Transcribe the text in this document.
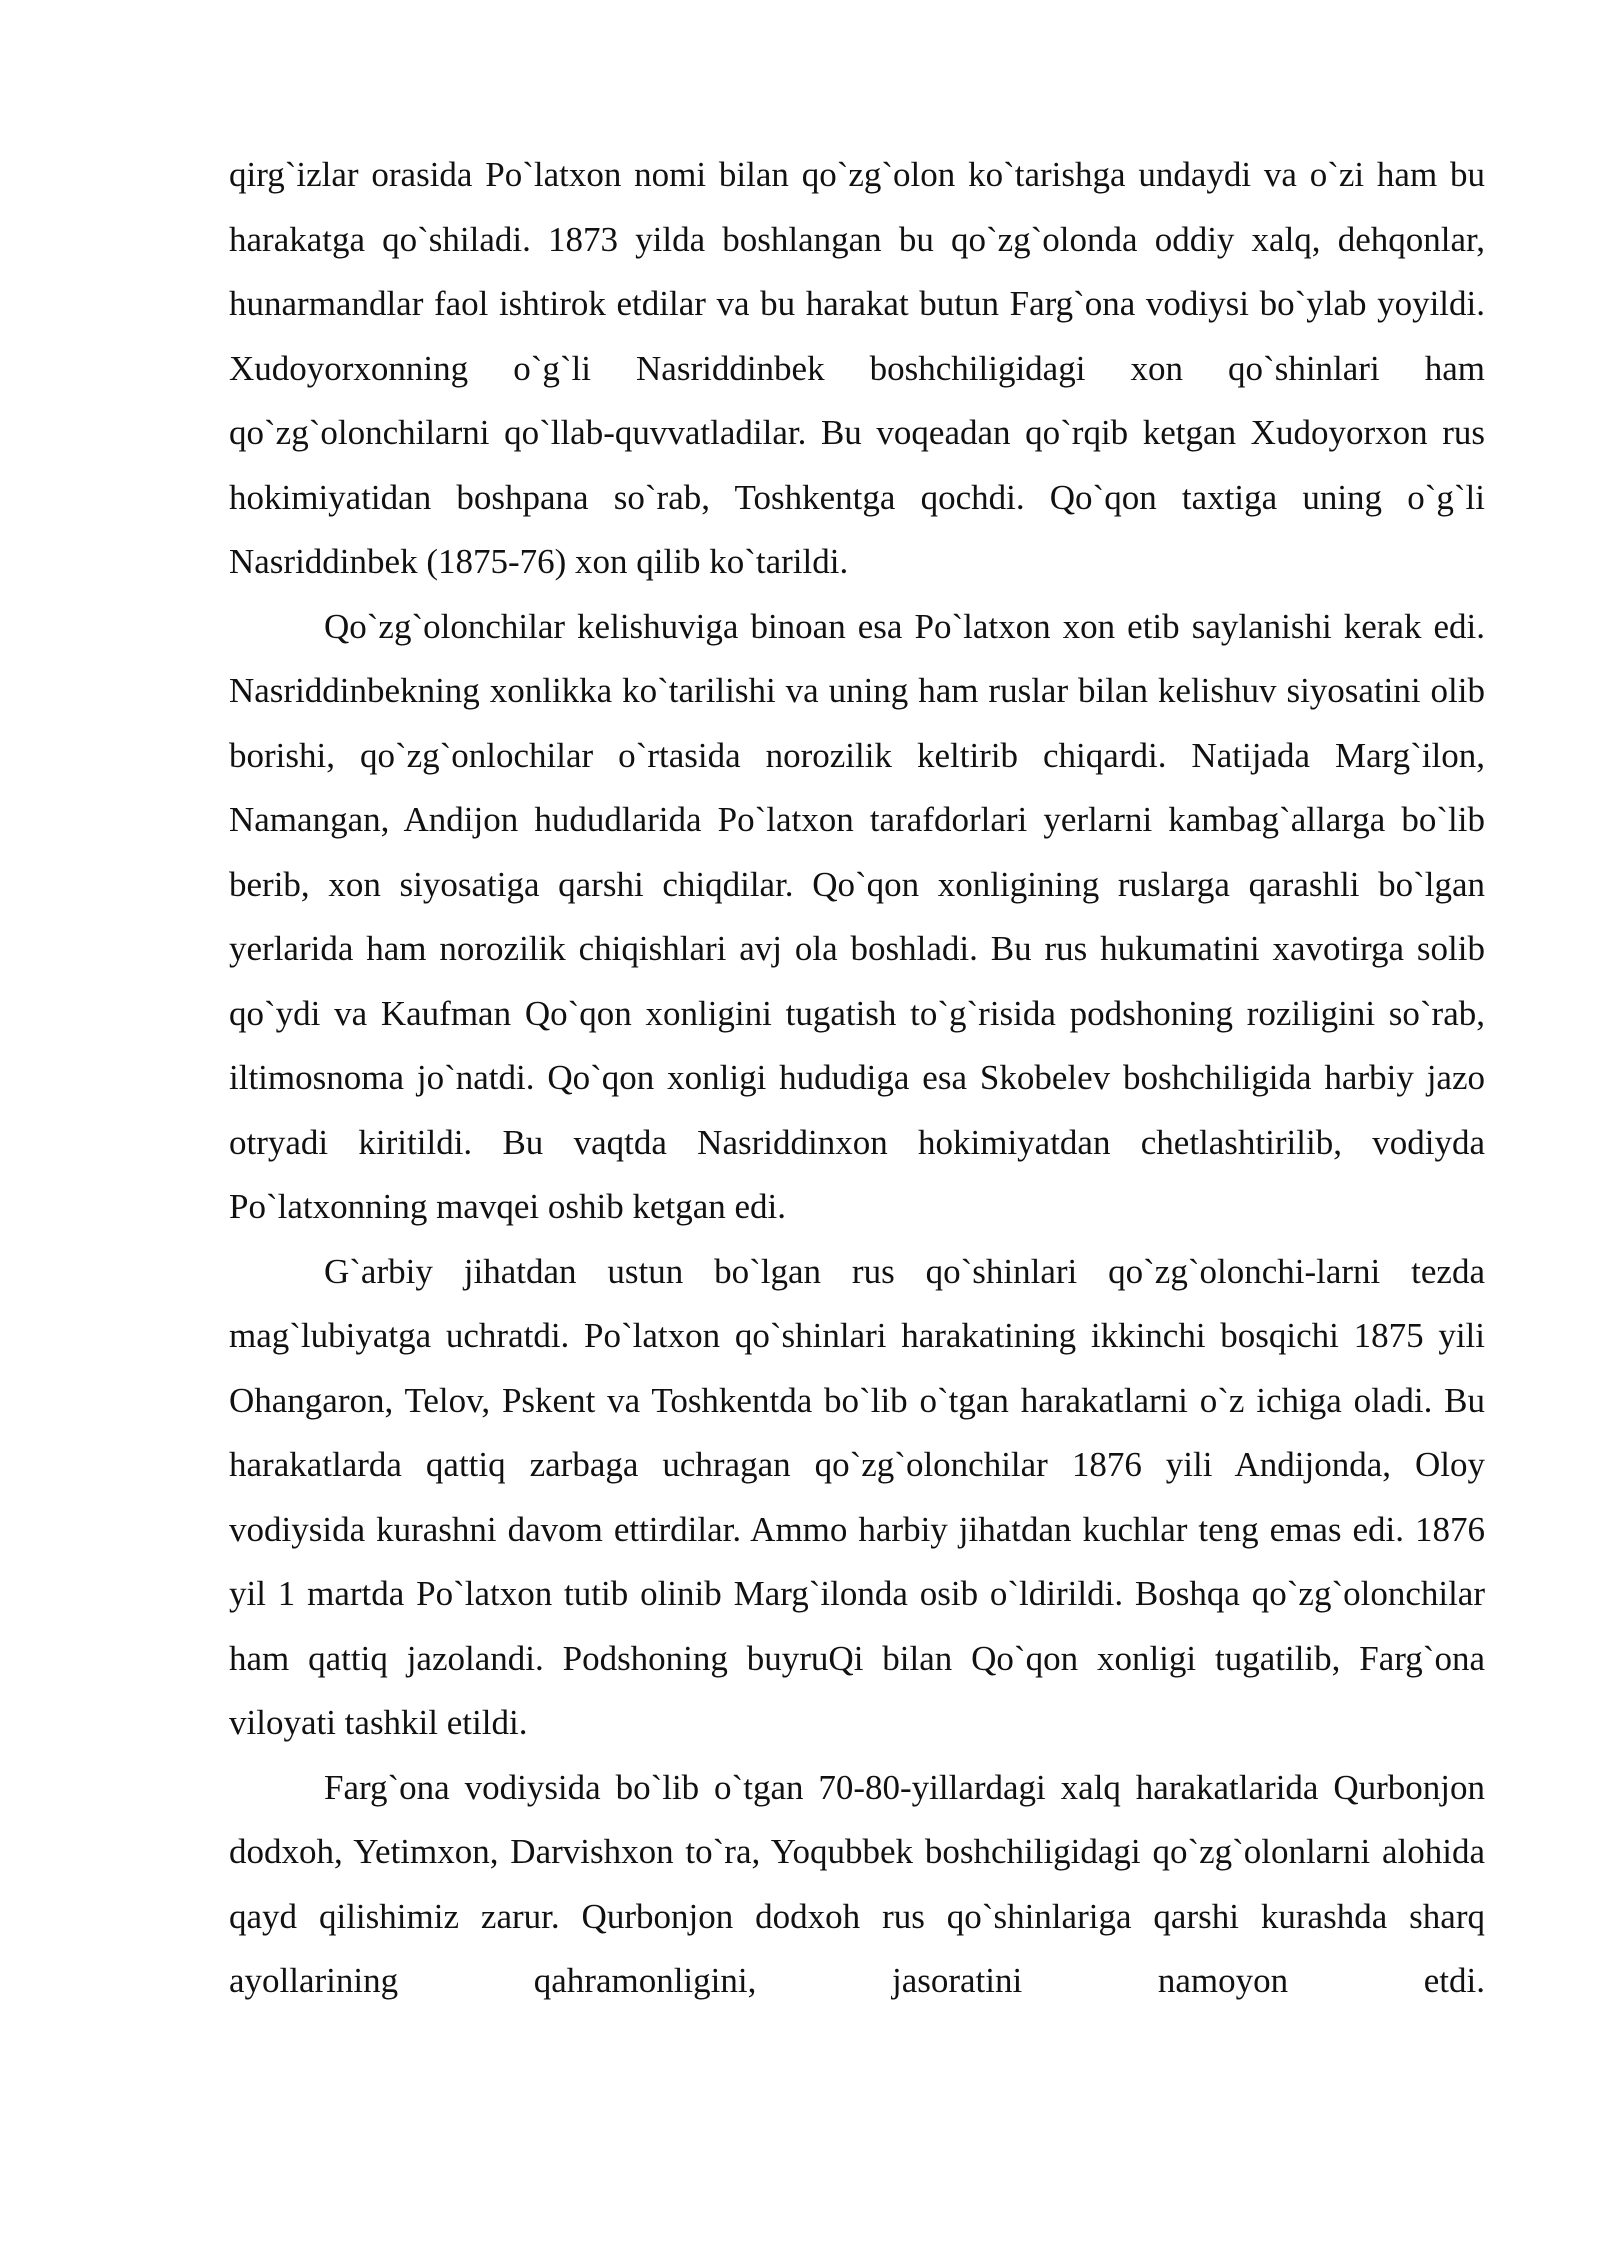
qirg`izlar orasida Po`latxon nomi bilan qo`zg`olon ko`tarishga undaydi va o`zi ham bu harakatga qo`shiladi. 1873 yilda boshlangan bu qo`zg`olonda oddiy xalq, dehqonlar, hunarmandlar faol ishtirok etdilar va bu harakat butun Farg`ona vodiysi bo`ylab yoyildi. Xudoyorxonning o`g`li Nasriddinbek boshchiligidagi xon qo`shinlari ham qo`zg`olonchilarni qo`llab-quvvatladilar. Bu voqeadan qo`rqib ketgan Xudoyorxon rus hokimiyatidan boshpana so`rab, Toshkentga qochdi. Qo`qon taxtiga uning o`g`li Nasriddinbek (1875-76) xon qilib ko`tarildi.

Qo`zg`olonchilar kelishuviga binoan esa Po`latxon xon etib saylanishi kerak edi. Nasriddinbekning xonlikka ko`tarilishi va uning ham ruslar bilan kelishuv siyosatini olib borishi, qo`zg`onlochilar o`rtasida norozilik keltirib chiqardi. Natijada Marg`ilon, Namangan, Andijon hududlarida Po`latxon tarafdorlari yerlarni kambag`allarga bo`lib berib, xon siyosatiga qarshi chiqdilar. Qo`qon xonligining ruslarga qarashli bo`lgan yerlarida ham norozilik chiqishlari avj ola boshladi. Bu rus hukumatini xavotirga solib qo`ydi va Kaufman Qo`qon xonligini tugatish to`g`risida podshoning roziligini so`rab, iltimosnoma jo`natdi. Qo`qon xonligi hududiga esa Skobelev boshchiligida harbiy jazo otryadi kiritildi. Bu vaqtda Nasriddinxon hokimiyatdan chetlashtirilib, vodiyda Po`latxonning mavqei oshib ketgan edi.

G`arbiy jihatdan ustun bo`lgan rus qo`shinlari qo`zg`olonchi-larni tezda mag`lubiyatga uchratdi. Po`latxon qo`shinlari harakatining ikkinchi bosqichi 1875 yili Ohangaron, Telov, Pskent va Toshkentda bo`lib o`tgan harakatlarni o`z ichiga oladi. Bu harakatlarda qattiq zarbaga uchragan qo`zg`olonchilar 1876 yili Andijonda, Oloy vodiysida kurashni davom ettirdilar. Ammo harbiy jihatdan kuchlar teng emas edi. 1876 yil 1 martda Po`latxon tutib olinib Marg`ilonda osib o`ldirildi. Boshqa qo`zg`olonchilar ham qattiq jazolandi. Podshoning buyruQi bilan Qo`qon xonligi tugatilib, Farg`ona viloyati tashkil etildi.

Farg`ona vodiysida bo`lib o`tgan 70-80-yillardagi xalq harakatlarida Qurbonjon dodxoh, Yetimxon, Darvishxon to`ra, Yoqubbek boshchiligidagi qo`zg`olonlarni alohida qayd qilishimiz zarur. Qurbonjon dodxoh rus qo`shinlariga qarshi kurashda sharq ayollarining qahramonligini, jasoratini namoyon etdi.
